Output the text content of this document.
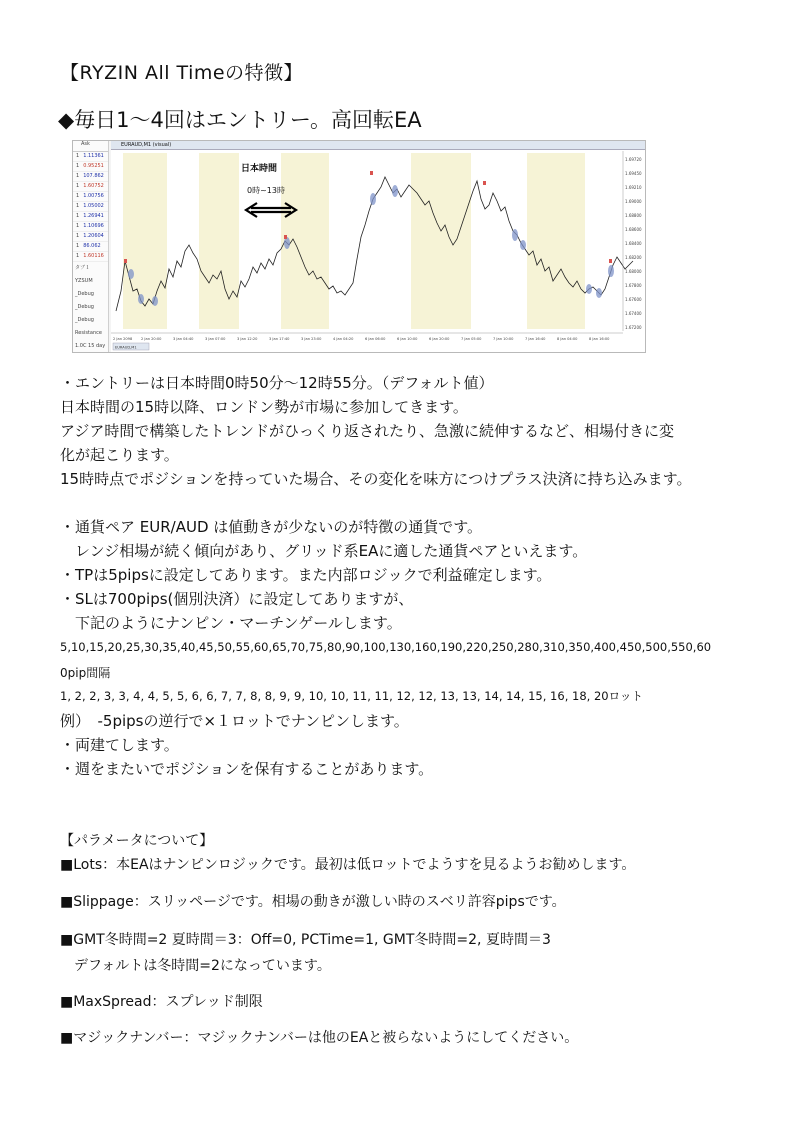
【RYZIN All Timeの特徴】
◆毎日1〜4回はエントリー。高回転EA
Ask
1 1.11361
1 0.95251
1 107.862
1 1.60752
1 1.00756
1 1.05002
1 1.26941
1 1.10696
1 1.20604
1 86.062
1 1.60116
タブ１
YZSUM
_Debug
_Debug
_Debug
Resistance
1.0C 15 day
EURAUD,M1 (visual)
1.69720
1.69450
1.69210
1.69000
1.68800
1.68600
1.68400
1.68200
1.68000
1.67800
1.67600
1.67400
1.67200
2 Jan 2098 2 Jan 20:00	3 Jan 04:40	3 Jan 07:00	3 Jan 12:20	3 Jan 17:40	3 Jan 23:00	4 Jan 04:20	6 Jan 06:00	6 Jan 10:00	6 Jan 20:00	7 Jan 05:00	7 Jan 10:00	7 Jan 16:40	8 Jan 04:00	8 Jan 16:00
EURAUD,M1
日本時間
0時~13時
・エントリーは日本時間0時50分〜12時55分。（デフォルト値）
日本時間の15時以降、ロンドン勢が市場に参加してきます。
アジア時間で構築したトレンドがひっくり返されたり、急激に続伸するなど、相場付きに変
化が起こります。
15時時点でポジションを持っていた場合、その変化を味方につけプラス決済に持ち込みます。
・通貨ペア EUR/AUD は値動きが少ないのが特徴の通貨です。
　レンジ相場が続く傾向があり、グリッド系EAに適した通貨ペアといえます。
・TPは5pipsに設定してあります。また内部ロジックで利益確定します。
・SLは700pips(個別決済）に設定してありますが、
　下記のようにナンピン・マーチンゲールします。
5,10,15,20,25,30,35,40,45,50,55,60,65,70,75,80,90,100,130,160,190,220,250,280,310,350,400,450,500,550,60
0pip間隔
1, 2, 2, 3, 3, 4, 4, 5, 5, 6, 6, 7, 7, 8, 8, 9, 9, 10, 10, 11, 11, 12, 12, 13, 13, 14, 14, 15, 16, 18, 20ロット
例）　-5pipsの逆行で×１ロットでナンピンします。
・両建てします。
・週をまたいでポジションを保有することがあります。
【パラメータについて】
■Lots：本EAはナンピンロジックです。最初は低ロットでようすを見るようお勧めします。
■Slippage：スリッページです。相場の動きが激しい時のスベリ許容pipsです。
■GMT冬時間=2 夏時間＝3：Off=0, PCTime=1, GMT冬時間=2, 夏時間＝3
　デフォルトは冬時間=2になっています。
■MaxSpread：スプレッド制限
■マジックナンバー：マジックナンバーは他のEAと被らないようにしてください。
